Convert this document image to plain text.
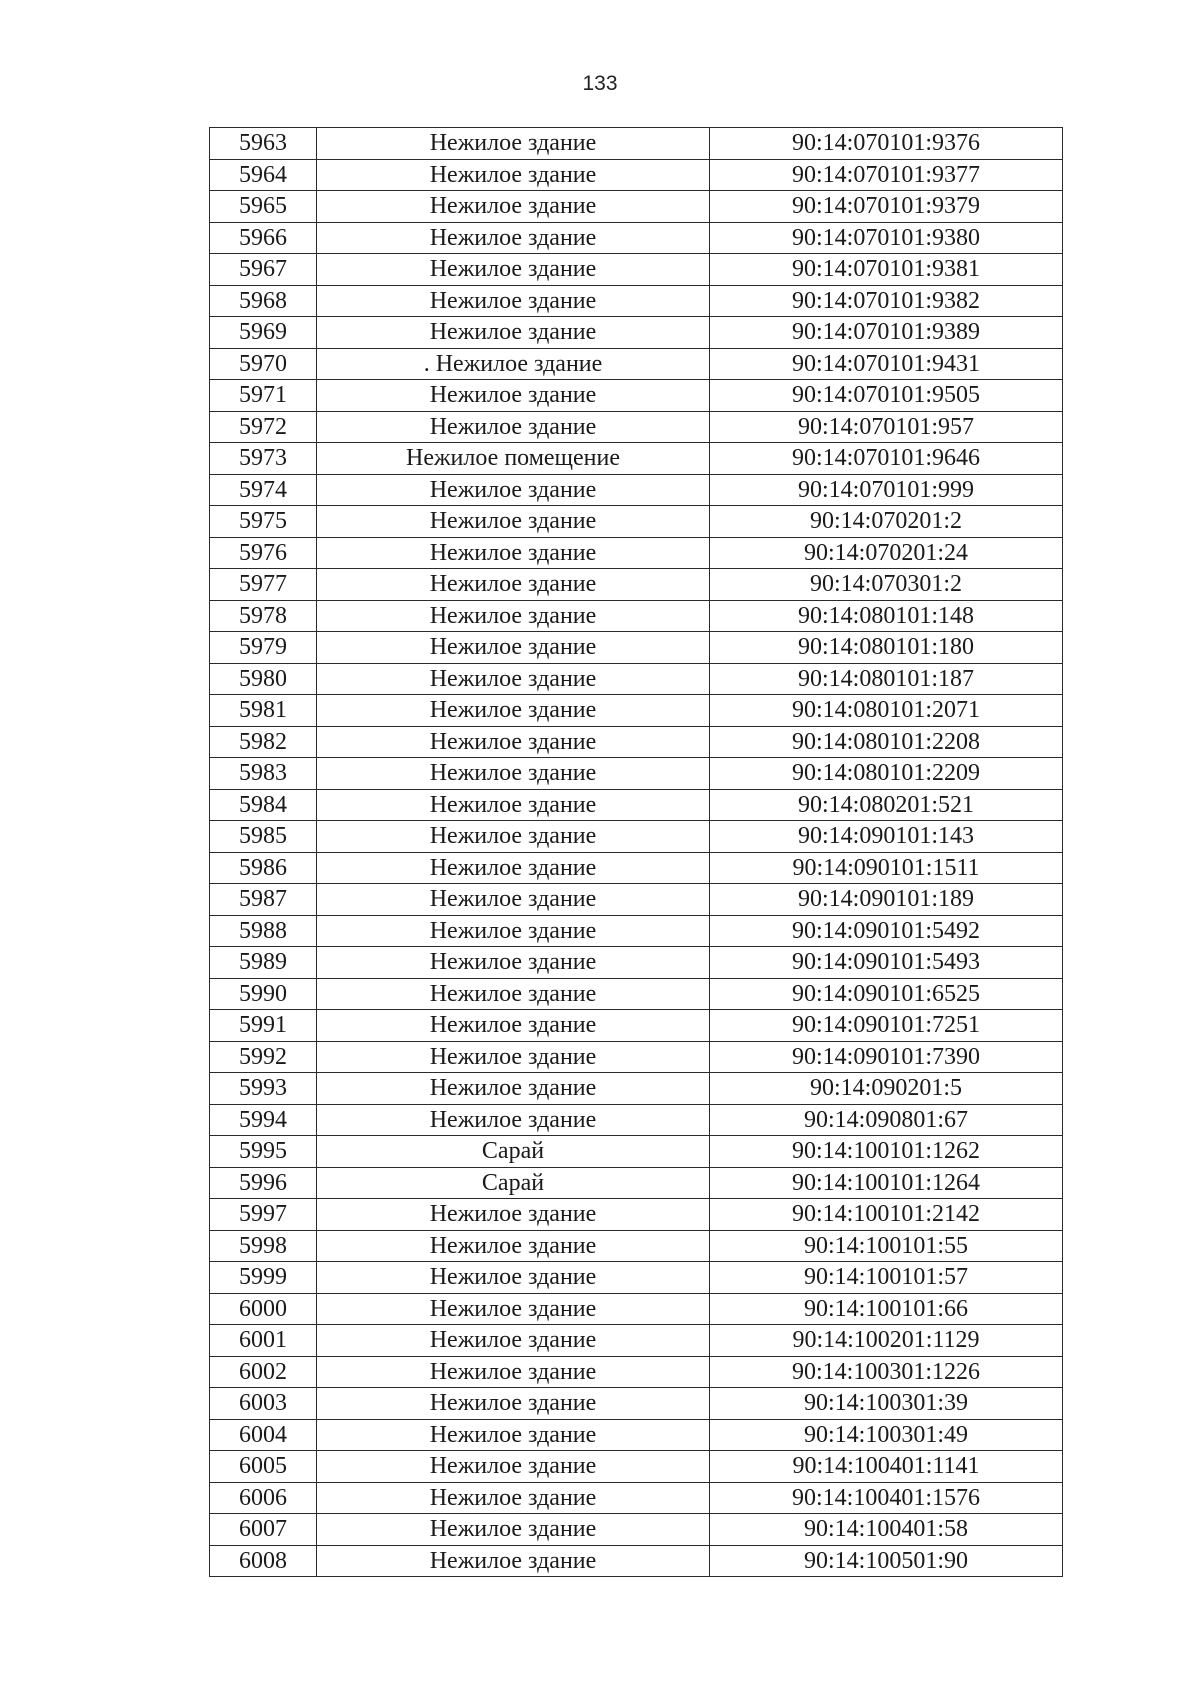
133
5963	Нежилое здание	90:14:070101:9376
5964	Нежилое здание	90:14:070101:9377
5965	Нежилое здание	90:14:070101:9379
5966	Нежилое здание	90:14:070101:9380
5967	Нежилое здание	90:14:070101:9381
5968	Нежилое здание	90:14:070101:9382
5969	Нежилое здание	90:14:070101:9389
5970	. Нежилое здание	90:14:070101:9431
5971	Нежилое здание	90:14:070101:9505
5972	Нежилое здание	90:14:070101:957
5973	Нежилое помещение	90:14:070101:9646
5974	Нежилое здание	90:14:070101:999
5975	Нежилое здание	90:14:070201:2
5976	Нежилое здание	90:14:070201:24
5977	Нежилое здание	90:14:070301:2
5978	Нежилое здание	90:14:080101:148
5979	Нежилое здание	90:14:080101:180
5980	Нежилое здание	90:14:080101:187
5981	Нежилое здание	90:14:080101:2071
5982	Нежилое здание	90:14:080101:2208
5983	Нежилое здание	90:14:080101:2209
5984	Нежилое здание	90:14:080201:521
5985	Нежилое здание	90:14:090101:143
5986	Нежилое здание	90:14:090101:1511
5987	Нежилое здание	90:14:090101:189
5988	Нежилое здание	90:14:090101:5492
5989	Нежилое здание	90:14:090101:5493
5990	Нежилое здание	90:14:090101:6525
5991	Нежилое здание	90:14:090101:7251
5992	Нежилое здание	90:14:090101:7390
5993	Нежилое здание	90:14:090201:5
5994	Нежилое здание	90:14:090801:67
5995	Сарай	90:14:100101:1262
5996	Сарай	90:14:100101:1264
5997	Нежилое здание	90:14:100101:2142
5998	Нежилое здание	90:14:100101:55
5999	Нежилое здание	90:14:100101:57
6000	Нежилое здание	90:14:100101:66
6001	Нежилое здание	90:14:100201:1129
6002	Нежилое здание	90:14:100301:1226
6003	Нежилое здание	90:14:100301:39
6004	Нежилое здание	90:14:100301:49
6005	Нежилое здание	90:14:100401:1141
6006	Нежилое здание	90:14:100401:1576
6007	Нежилое здание	90:14:100401:58
6008	Нежилое здание	90:14:100501:90
